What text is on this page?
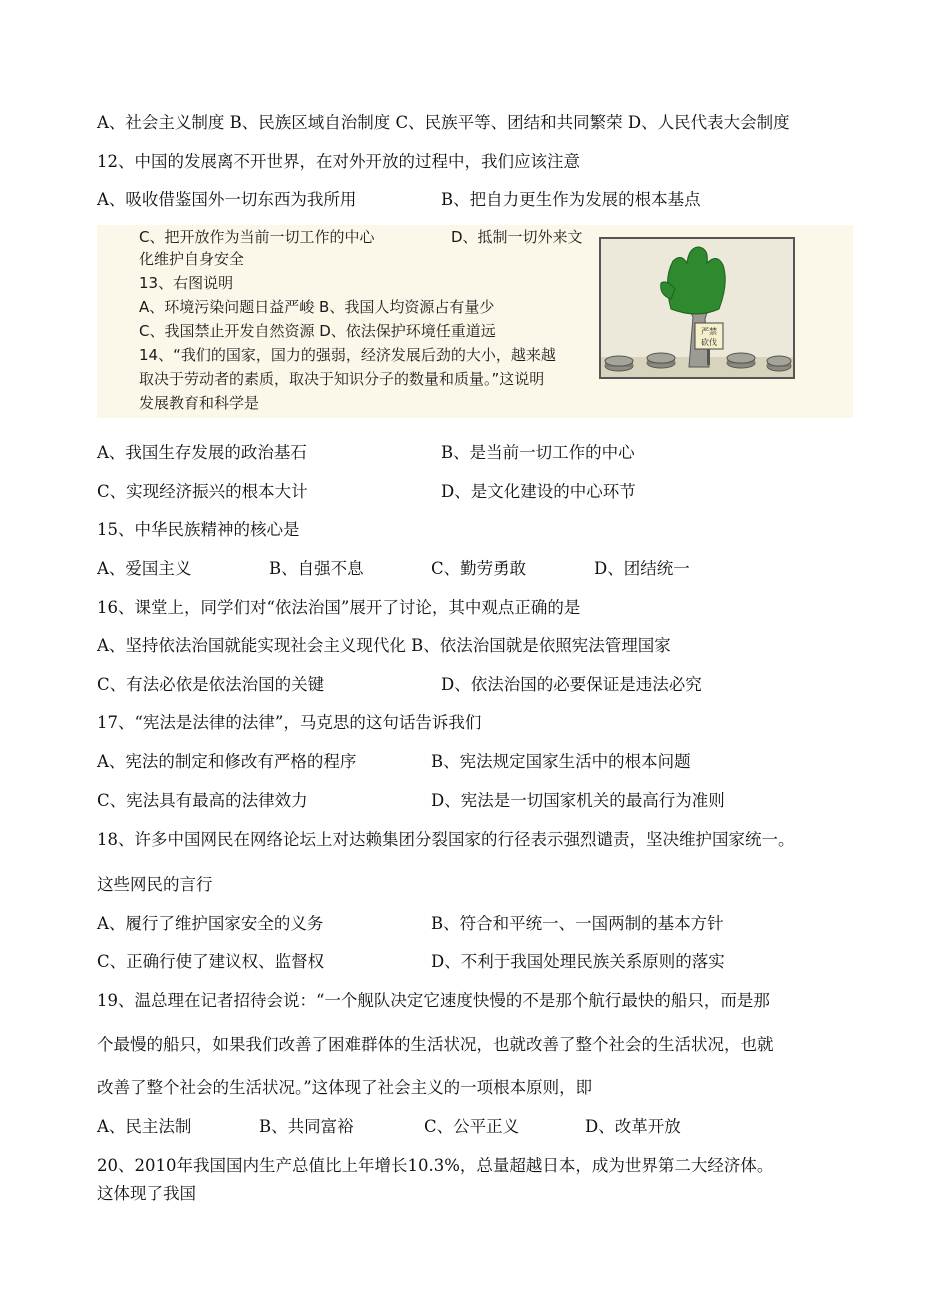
A、社会主义制度 B、民族区域自治制度 C、民族平等、团结和共同繁荣 D、人民代表大会制度
12、中国的发展离不开世界，在对外开放的过程中，我们应该注意
A、吸收借鉴国外一切东西为我所用	B、把自力更生作为发展的根本基点
C、把开放作为当前一切工作的中心	D、抵制一切外来文
化维护自身安全
13、右图说明
A、环境污染问题日益严峻 B、我国人均资源占有量少
C、我国禁止开发自然资源 D、依法保护环境任重道远
14、“我们的国家，国力的强弱，经济发展后劲的大小，越来越
取决于劳动者的素质，取决于知识分子的数量和质量。”这说明
发展教育和科学是
严禁
砍伐
A、我国生存发展的政治基石	B、是当前一切工作的中心
C、实现经济振兴的根本大计	D、是文化建设的中心环节
15、中华民族精神的核心是
A、爱国主义	B、自强不息	C、勤劳勇敢	D、团结统一
16、课堂上，同学们对“依法治国”展开了讨论，其中观点正确的是
A、坚持依法治国就能实现社会主义现代化 B、依法治国就是依照宪法管理国家
C、有法必依是依法治国的关键	D、依法治国的必要保证是违法必究
17、“宪法是法律的法律”，马克思的这句话告诉我们
A、宪法的制定和修改有严格的程序	B、宪法规定国家生活中的根本问题
C、宪法具有最高的法律效力	D、宪法是一切国家机关的最高行为准则
18、许多中国网民在网络论坛上对达赖集团分裂国家的行径表示强烈谴责，坚决维护国家统一。
这些网民的言行
A、履行了维护国家安全的义务	B、符合和平统一、一国两制的基本方针
C、正确行使了建议权、监督权	D、不利于我国处理民族关系原则的落实
19、温总理在记者招待会说：“一个舰队决定它速度快慢的不是那个航行最快的船只，而是那
个最慢的船只，如果我们改善了困难群体的生活状况，也就改善了整个社会的生活状况，也就
改善了整个社会的生活状况。”这体现了社会主义的一项根本原则，即
A、民主法制	B、共同富裕	C、公平正义	D、改革开放
20、2010年我国国内生产总值比上年增长10.3%，总量超越日本，成为世界第二大经济体。
这体现了我国
